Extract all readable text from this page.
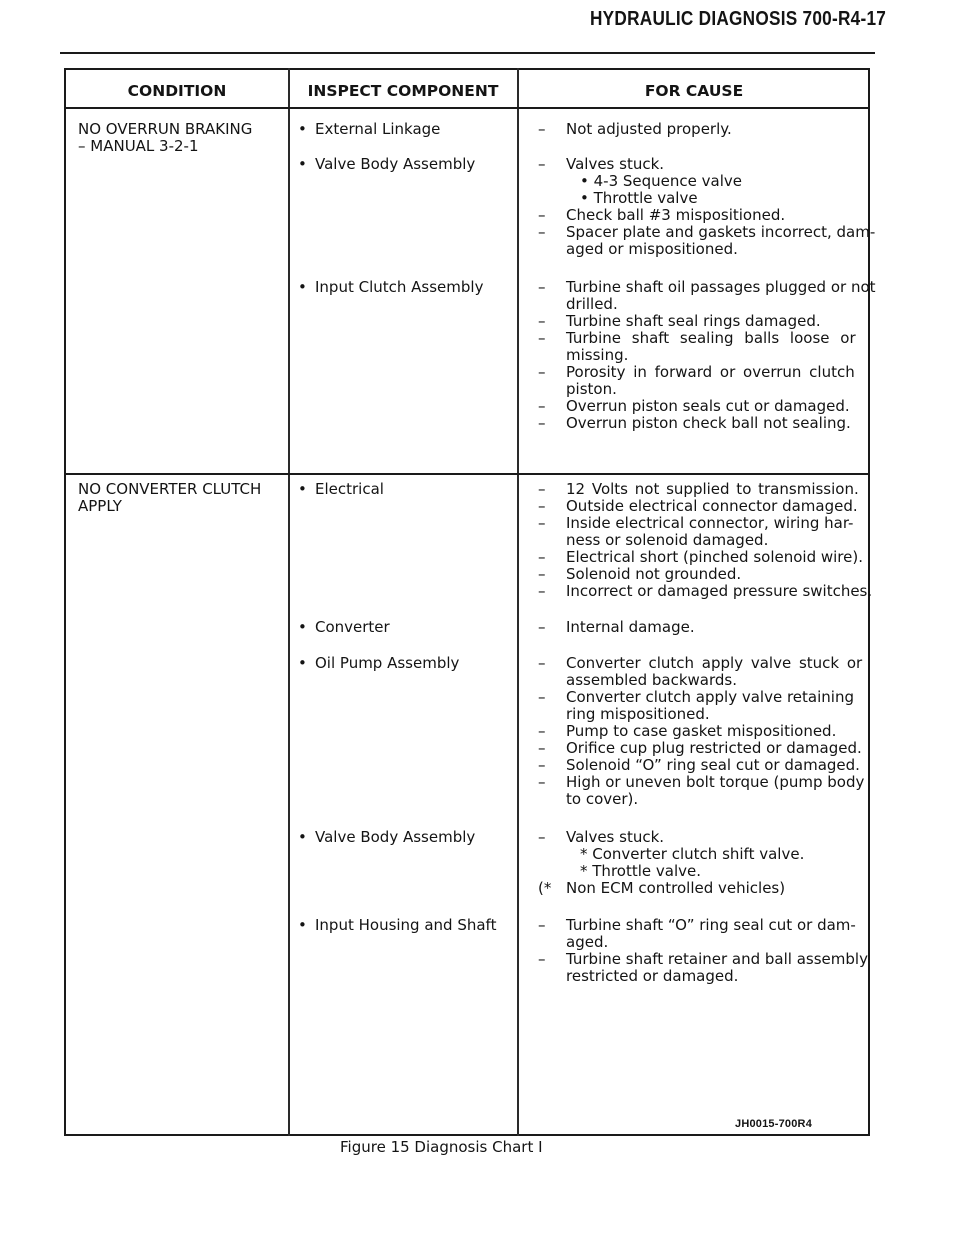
HYDRAULIC DIAGNOSIS 700-R4-17
CONDITION	INSPECT COMPONENT	FOR CAUSE
NO OVERRUN BRAKING
– MANUAL 3-2-1
• External Linkage
• Valve Body Assembly
• Input Clutch Assembly
– Not adjusted properly.
– Valves stuck.
• 4-3 Sequence valve
• Throttle valve
– Check ball #3 mispositioned.
– Spacer plate and gaskets incorrect, dam-
aged or mispositioned.
– Turbine shaft oil passages plugged or not
drilled.
– Turbine shaft seal rings damaged.
– Turbine shaft sealing balls loose or
missing.
– Porosity in forward or overrun clutch
piston.
– Overrun piston seals cut or damaged.
– Overrun piston check ball not sealing.
NO CONVERTER CLUTCH
APPLY
• Electrical
• Converter
• Oil Pump Assembly
• Valve Body Assembly
• Input Housing and Shaft
– 12 Volts not supplied to transmission.
– Outside electrical connector damaged.
– Inside electrical connector, wiring har-
ness or solenoid damaged.
– Electrical short (pinched solenoid wire).
– Solenoid not grounded.
– Incorrect or damaged pressure switches.
– Internal damage.
– Converter clutch apply valve stuck or
assembled backwards.
– Converter clutch apply valve retaining
ring mispositioned.
– Pump to case gasket mispositioned.
– Orifice cup plug restricted or damaged.
– Solenoid “O” ring seal cut or damaged.
– High or uneven bolt torque (pump body
to cover).
– Valves stuck.
* Converter clutch shift valve.
* Throttle valve.
(* Non ECM controlled vehicles)
– Turbine shaft “O” ring seal cut or dam-
aged.
– Turbine shaft retainer and ball assembly
restricted or damaged.
JH0015-700R4
Figure 15 Diagnosis Chart I
